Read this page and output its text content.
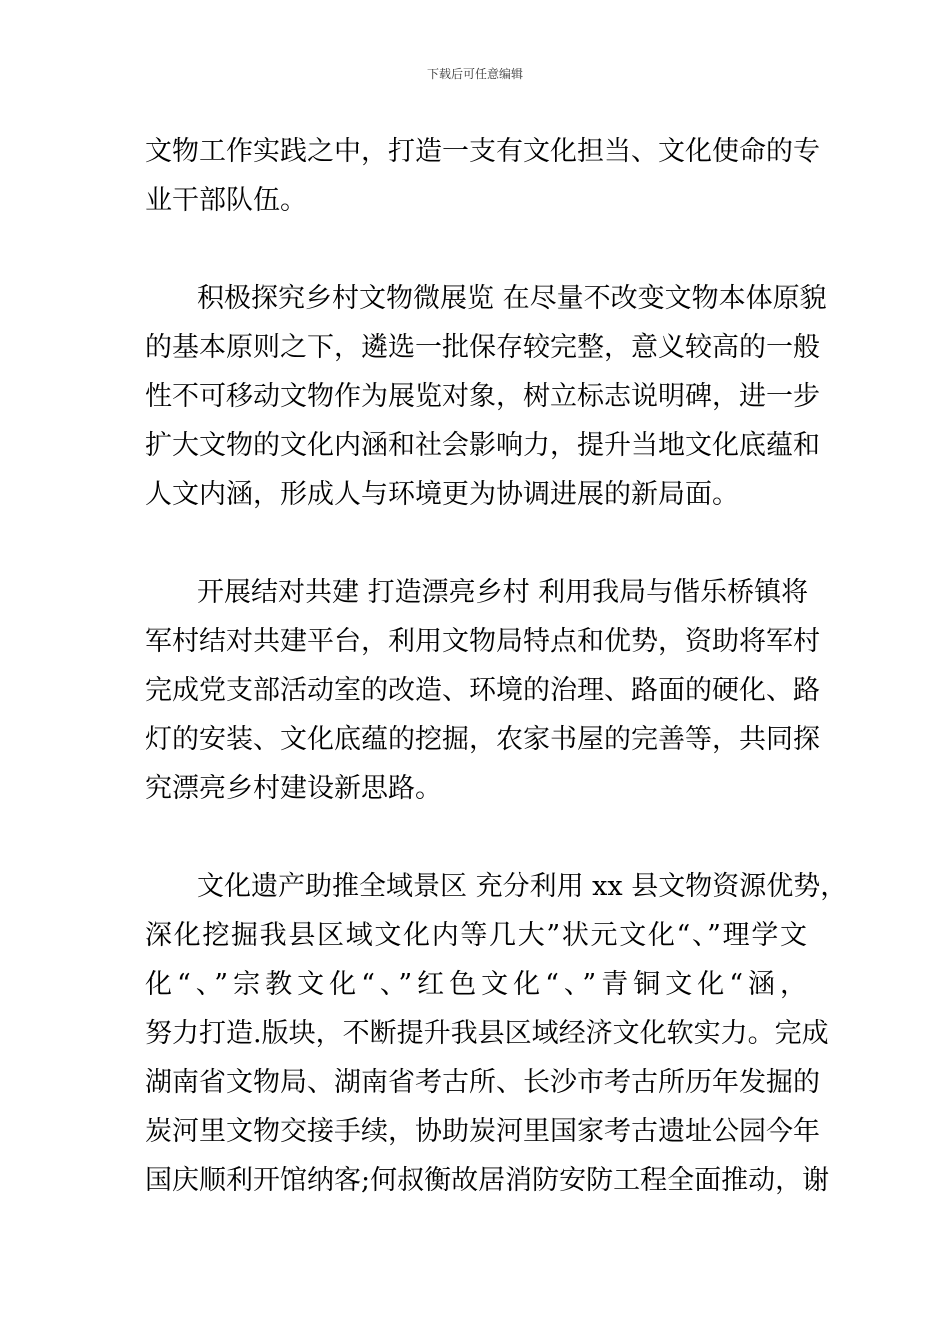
下载后可任意编辑
文物工作实践之中，打造一支有文化担当、文化使命的专
业干部队伍。
积极探究乡村文物微展览 在尽量不改变文物本体原貌
的基本原则之下，遴选一批保存较完整，意义较高的一般
性不可移动文物作为展览对象，树立标志说明碑，进一步
扩大文物的文化内涵和社会影响力，提升当地文化底蕴和
人文内涵，形成人与环境更为协调进展的新局面。
开展结对共建 打造漂亮乡村 利用我局与偕乐桥镇将
军村结对共建平台，利用文物局特点和优势，资助将军村
完成党支部活动室的改造、环境的治理、路面的硬化、路
灯的安装、文化底蕴的挖掘，农家书屋的完善等，共同探
究漂亮乡村建设新思路。
文化遗产助推全域景区 充分利用 xx 县文物资源优势，
深化挖掘我县区域文化内等几大”状元文化“、”理学文
化“、”宗教文化“、”红色文化“、”青铜文化“涵，
努力打造.版块，不断提升我县区域经济文化软实力。完成
湖南省文物局、湖南省考古所、长沙市考古所历年发掘的
炭河里文物交接手续，协助炭河里国家考古遗址公园今年
国庆顺利开馆纳客;何叔衡故居消防安防工程全面推动，谢
